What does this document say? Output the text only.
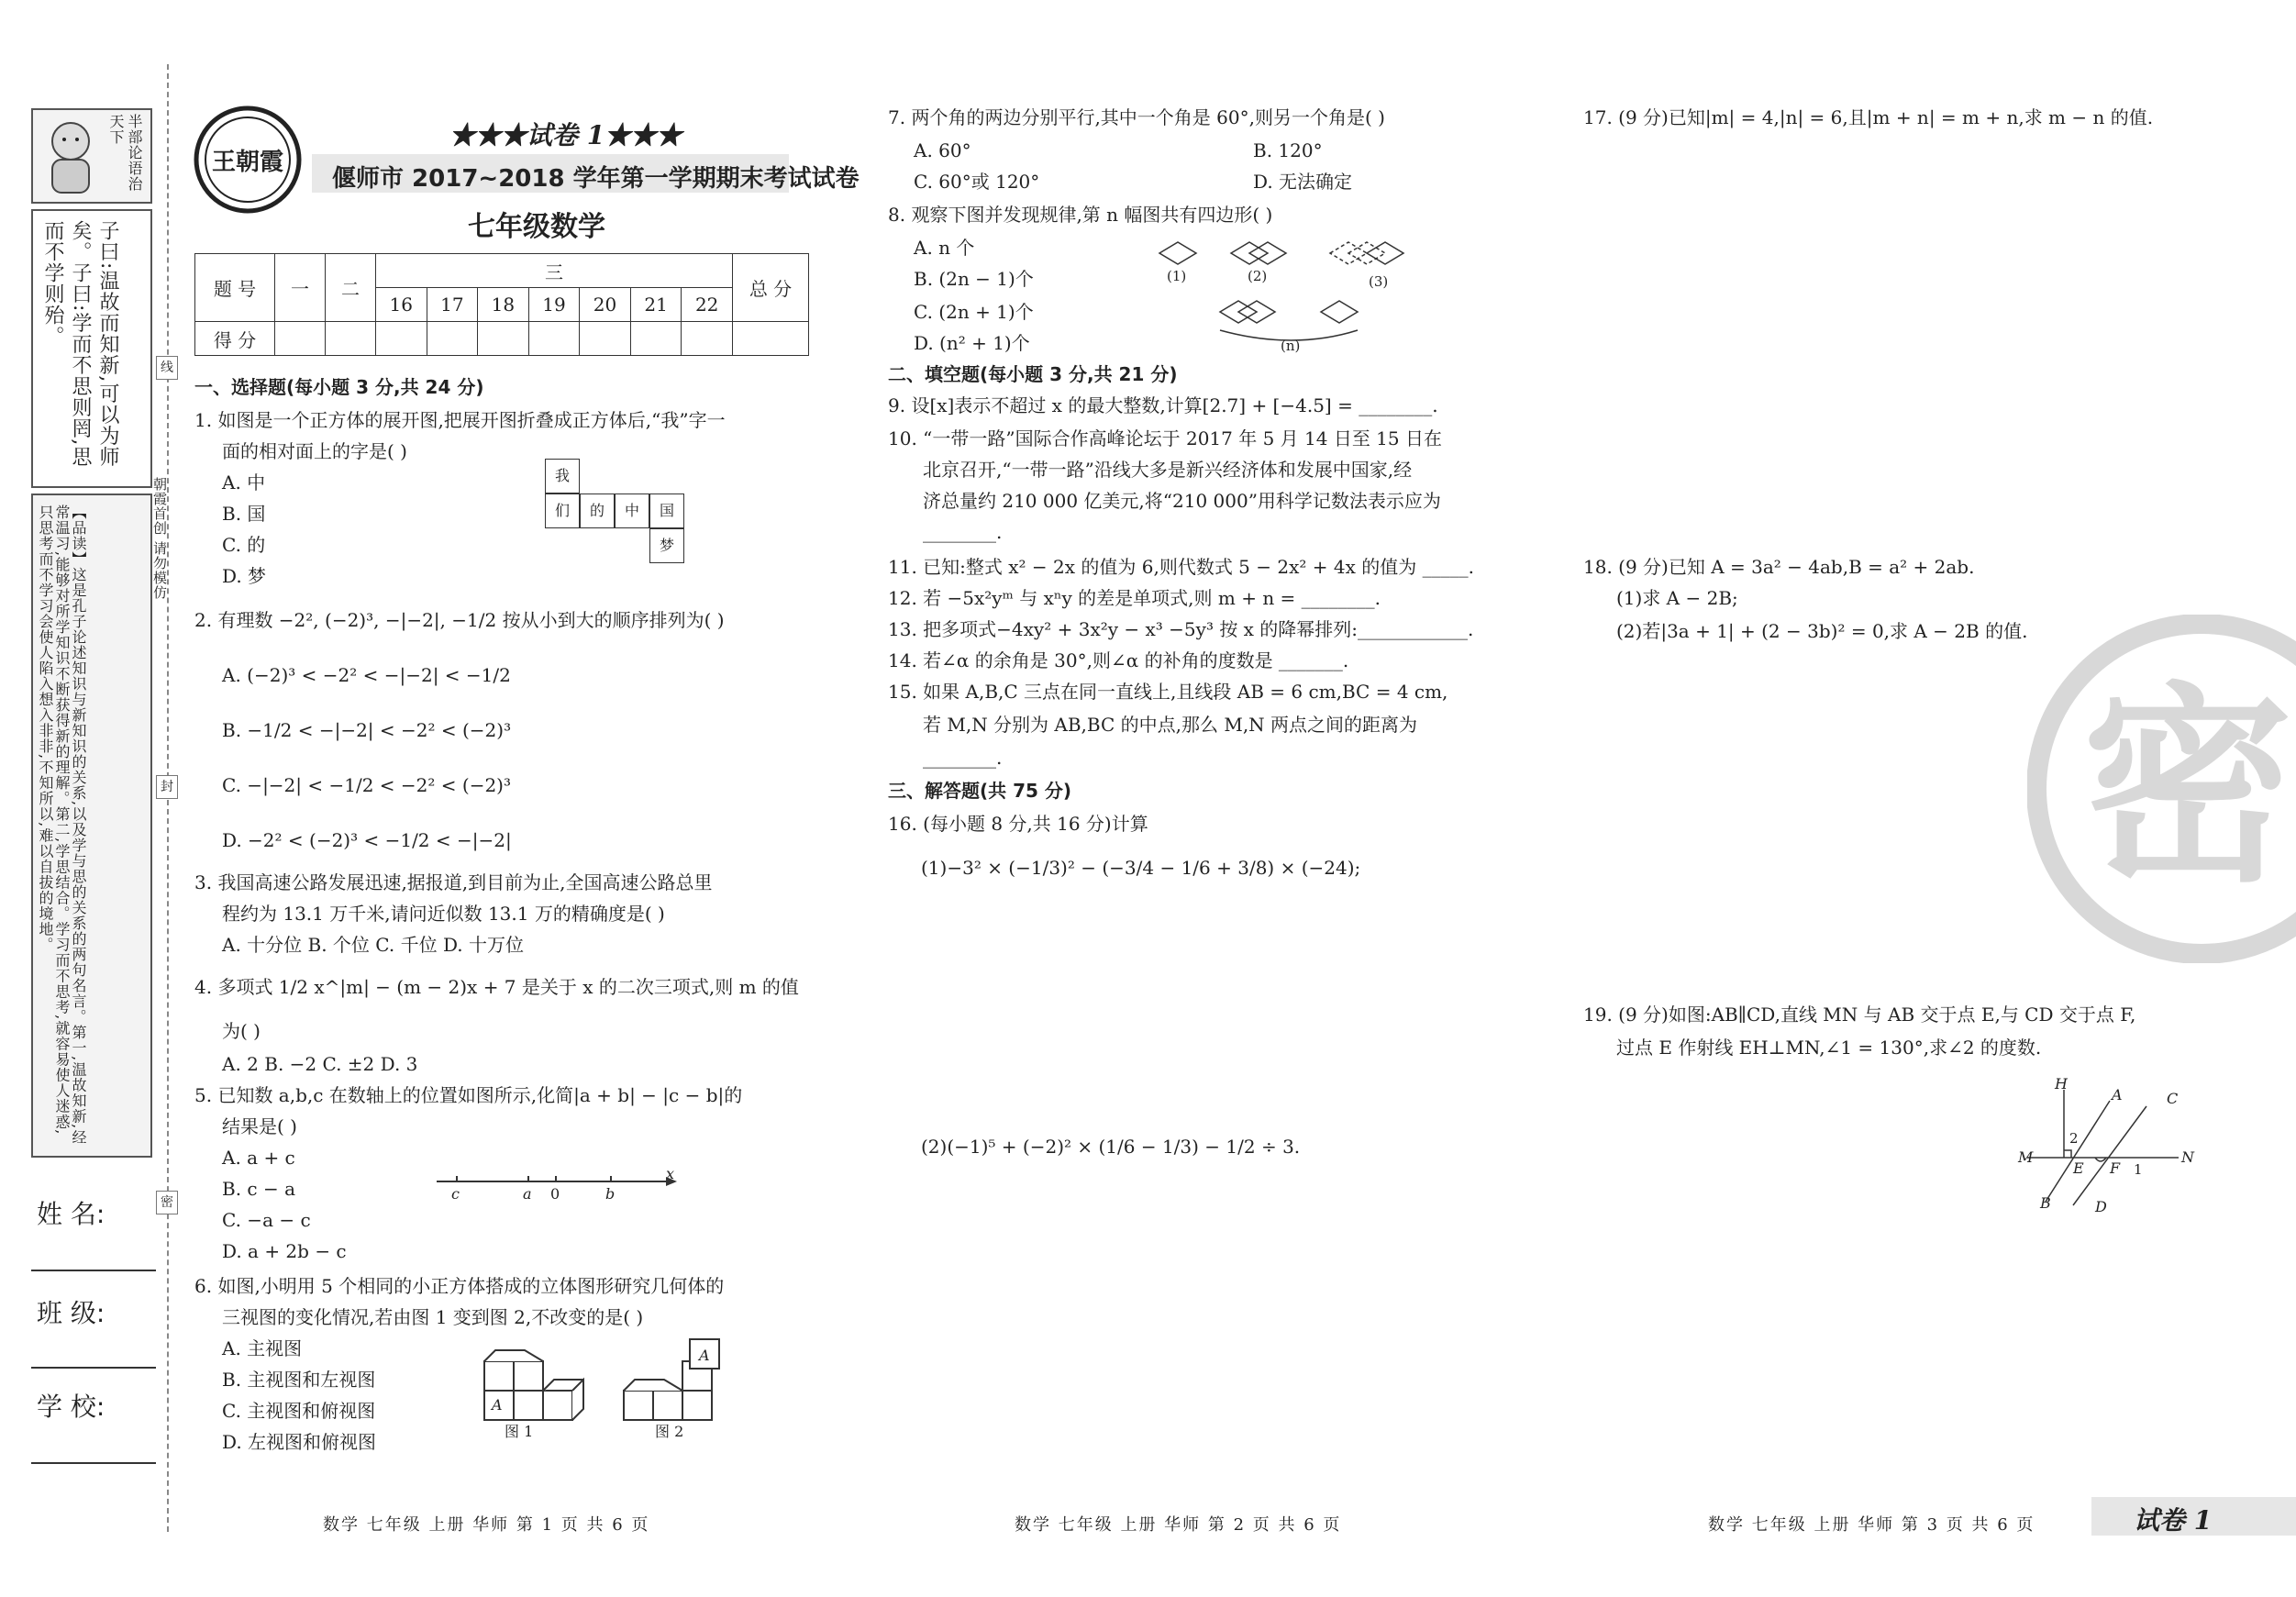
半部论语治天下
子曰:温故而知新,可以为师矣。子曰:学而不思则罔,思而不学则殆。
【品读】这是孔子论述知识与新知识的关系,以及学与思的关系的两句名言。第一,温故知新,经常温习,能够对所学知识不断获得新的理解。第二,学思结合。学习而不思考,就容易使人迷惑,只思考而不学习会使人陷入想入非非,不知所以,难以自拔的境地。	朝霞首创 请勿模仿
线
封
密
姓 名:
班 级:
学 校:
王朝霞
★★★试卷 1★★★
偃师市 2017~2018 学年第一学期期末考试试卷
七年级数学
题 号	一	二	三							总 分
			16	17	18	19	20	21	22	
得 分										
一、选择题(每小题 3 分,共 24 分)
1. 如图是一个正方体的展开图,把展开图折叠成正方体后,“我”字一
面的相对面上的字是( )
A. 中
B. 国
C. 的
D. 梦
我
们	的	中	国
梦
2. 有理数 −2², (−2)³, −|−2|, −1/2 按从小到大的顺序排列为( )
A. (−2)³ < −2² < −|−2| < −1/2
B. −1/2 < −|−2| < −2² < (−2)³
C. −|−2| < −1/2 < −2² < (−2)³
D. −2² < (−2)³ < −1/2 < −|−2|
3. 我国高速公路发展迅速,据报道,到目前为止,全国高速公路总里
程约为 13.1 万千米,请问近似数 13.1 万的精确度是( )
A. 十分位 B. 个位 C. 千位 D. 十万位
4. 多项式 1/2 x^|m| − (m − 2)x + 7 是关于 x 的二次三项式,则 m 的值
为( )
A. 2 B. −2 C. ±2 D. 3
5. 已知数 a,b,c 在数轴上的位置如图所示,化简|a + b| − |c − b|的
结果是( )
A. a + c
B. c − a
C. −a − c
D. a + 2b − c
c	a 0	b
x
6. 如图,小明用 5 个相同的小正方体搭成的立体图形研究几何体的
三视图的变化情况,若由图 1 变到图 2,不改变的是( )
A. 主视图
B. 主视图和左视图
C. 主视图和俯视图
D. 左视图和俯视图
A
图 1
A
图 2
数学 七年级 上册 华师 第 1 页 共 6 页
7. 两个角的两边分别平行,其中一个角是 60°,则另一个角是( )
A. 60°	B. 120°
C. 60°或 120°	D. 无法确定
8. 观察下图并发现规律,第 n 幅图共有四边形( )
A. n 个
B. (2n − 1)个
C. (2n + 1)个
D. (n² + 1)个
(1)	(2)	(3)
(n)
二、填空题(每小题 3 分,共 21 分)
9. 设[x]表示不超过 x 的最大整数,计算[2.7] + [−4.5] = ________.
10. “一带一路”国际合作高峰论坛于 2017 年 5 月 14 日至 15 日在
北京召开,“一带一路”沿线大多是新兴经济体和发展中国家,经
济总量约 210 000 亿美元,将“210 000”用科学记数法表示应为
________.
11. 已知:整式 x² − 2x 的值为 6,则代数式 5 − 2x² + 4x 的值为 _____.
12. 若 −5x²yᵐ 与 xⁿy 的差是单项式,则 m + n = ________.
13. 把多项式−4xy² + 3x²y − x³ −5y³ 按 x 的降幂排列:____________.
14. 若∠α 的余角是 30°,则∠α 的补角的度数是 _______.
15. 如果 A,B,C 三点在同一直线上,且线段 AB = 6 cm,BC = 4 cm,
若 M,N 分别为 AB,BC 的中点,那么 M,N 两点之间的距离为
________.
三、解答题(共 75 分)
16. (每小题 8 分,共 16 分)计算
(1)−3² × (−1/3)² − (−3/4 − 1/6 + 3/8) × (−24);
(2)(−1)⁵ + (−2)² × (1/6 − 1/3) − 1/2 ÷ 3.
数学 七年级 上册 华师 第 2 页 共 6 页
17. (9 分)已知|m| = 4,|n| = 6,且|m + n| = m + n,求 m − n 的值.
18. (9 分)已知 A = 3a² − 4ab,B = a² + 2ab.
(1)求 A − 2B;
(2)若|3a + 1| + (2 − 3b)² = 0,求 A − 2B 的值.
密
19. (9 分)如图:AB∥CD,直线 MN 与 AB 交于点 E,与 CD 交于点 F,
过点 E 作射线 EH⊥MN,∠1 = 130°,求∠2 的度数.
H
A	C
M
E F
N
B	D
2
1
数学 七年级 上册 华师 第 3 页 共 6 页	试卷 1
